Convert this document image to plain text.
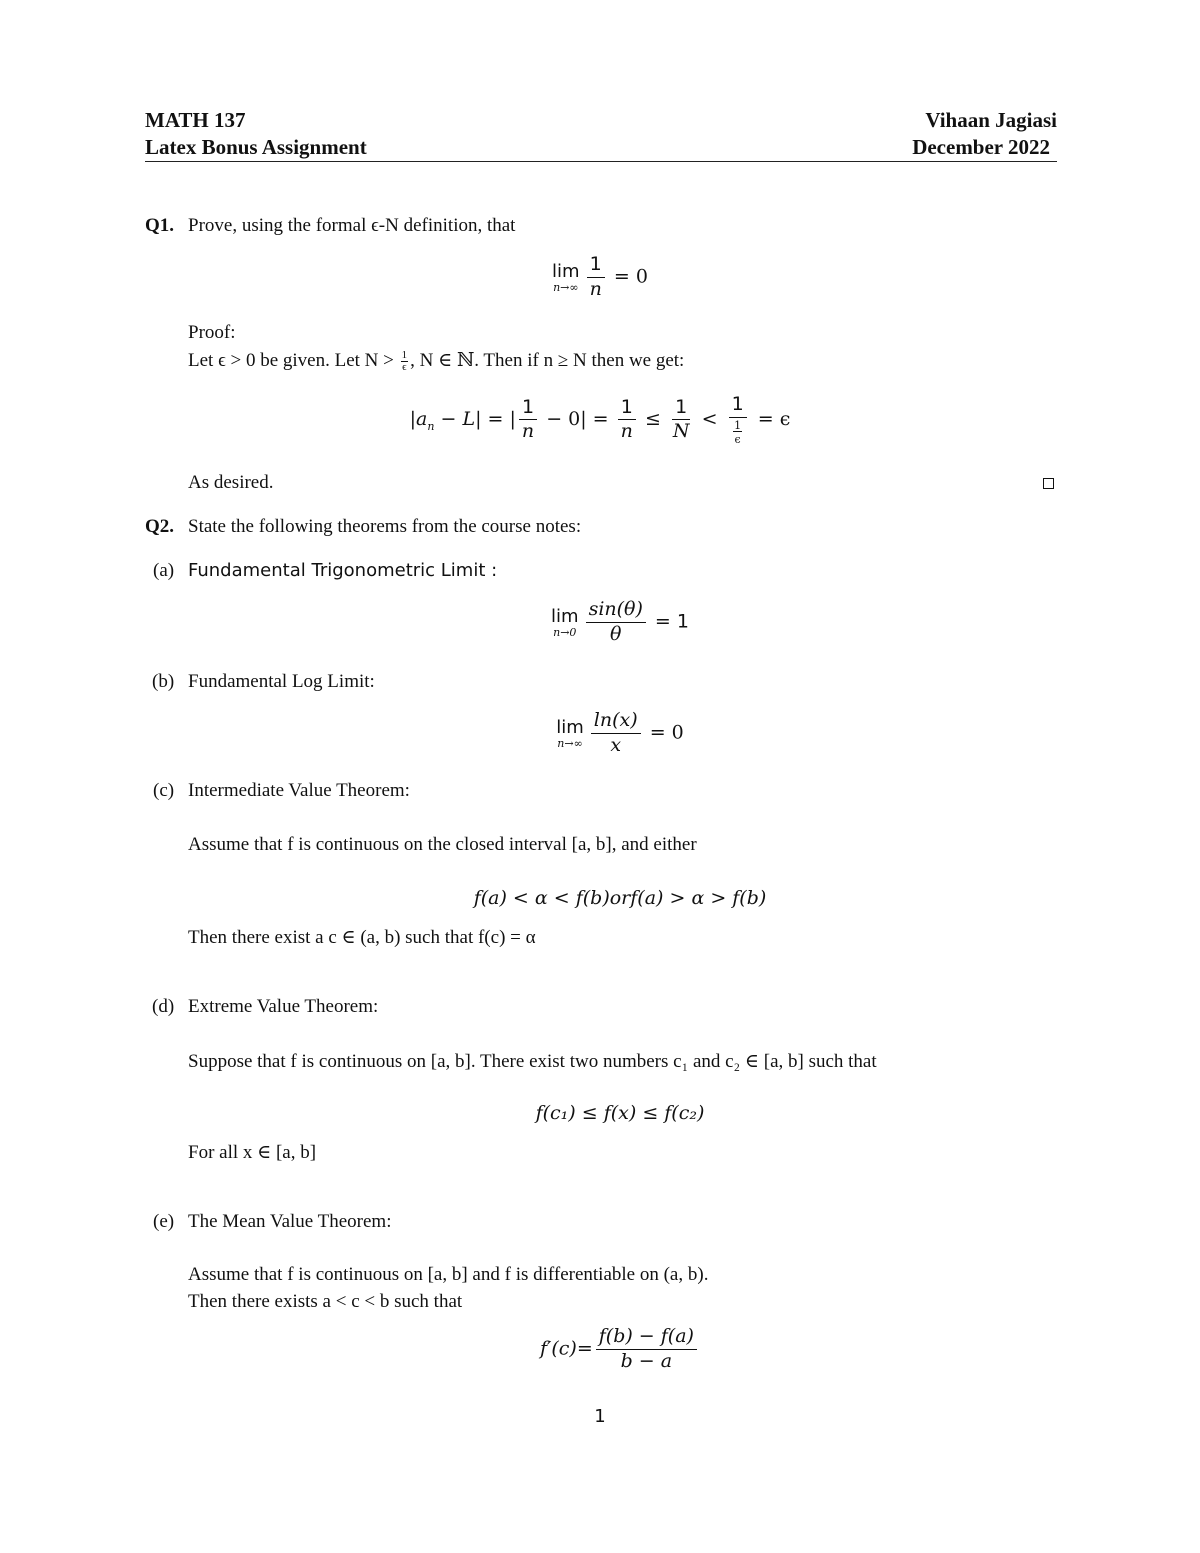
MATH 137
Latex Bonus Assignment
Vihaan Jagiasi
December 2022
Q1. Prove, using the formal ϵ-N definition, that
lim
$n\to\infty \frac{1}{n} = 0$
Proof:
Let ϵ > 0 be given. Let $N > \frac{1}{\epsilon}$ , N ∈ ℕ. Then if n ≥ N then we get:
$|a_n - L|$ = | $\frac{1}{n} - 0| = \frac{1}{n} \le \frac{1}{N} < \frac{1}{\frac{1}{\epsilon}} = \epsilon$
As desired.
Q2. State the following theorems from the course notes:
(a) Fundamental Trigonometric Limit :
lim
$n\to 0 \frac{\sin(\theta)}{\theta} = 1$
(b) Fundamental Log Limit:
lim
$n\to\infty \frac{\ln(x)}{x} = 0$
(c) Intermediate Value Theorem:
Assume that f is continuous on the closed interval [a, b], and either
f(a) < α < f(b)orf(a) > α > f(b)
Then there exist a c ∈ (a, b) such that f(c) = α
(d) Extreme Value Theorem:
Suppose that f is continuous on [a, b]. There exist two numbers c₁ and c₂ ∈ [a, b] such that
f(c₁) ≤ f(x) ≤ f(c₂)
For all x ∈ [a, b]
(e) The Mean Value Theorem:
Assume that f is continuous on [a, b] and f is differentiable on (a, b).
Then there exists a < c < b such that
$f'(c)= \frac{f(b) - f(a)}{b - a}$
1
